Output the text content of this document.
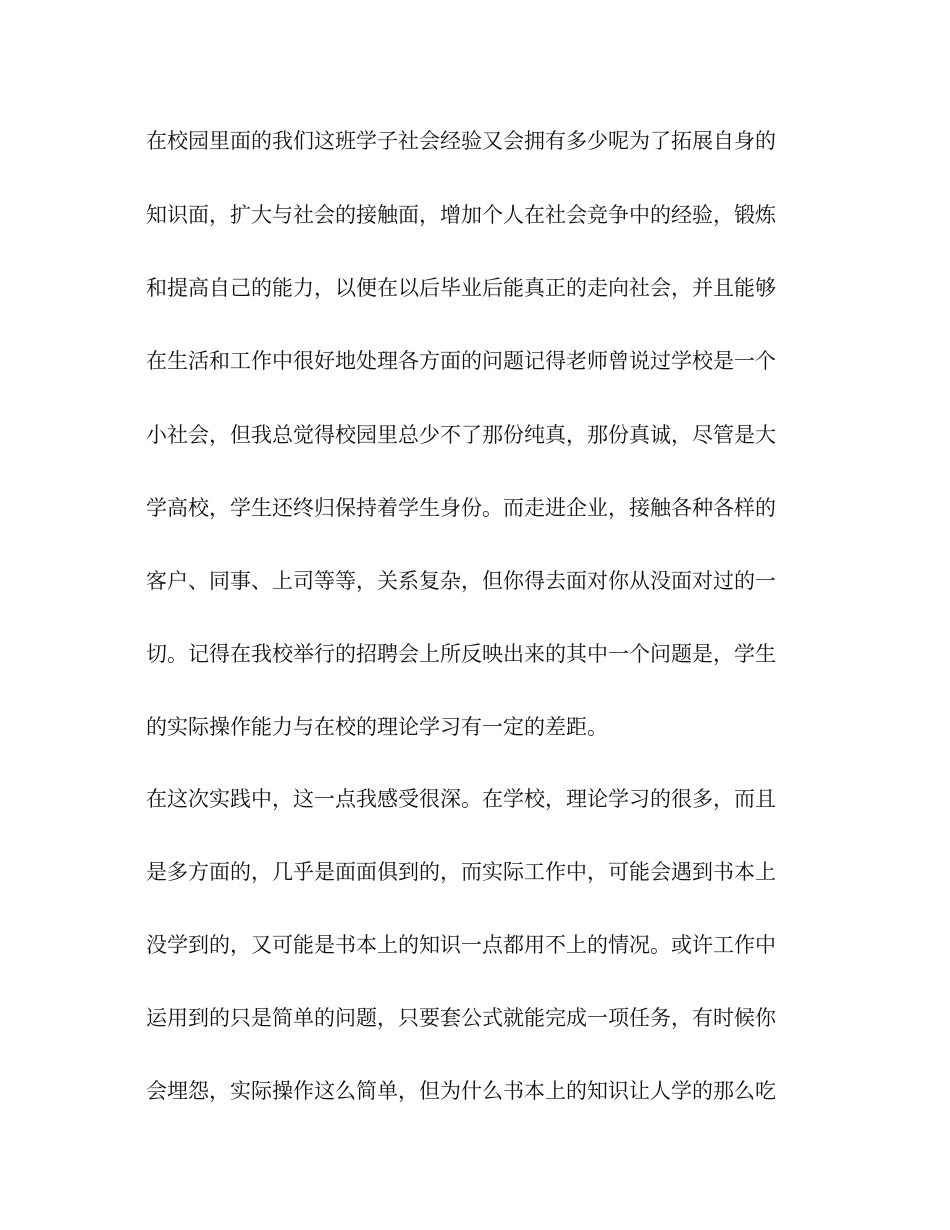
在校园里面的我们这班学子社会经验又会拥有多少呢为了拓展自身的
知识面，扩大与社会的接触面，增加个人在社会竞争中的经验，锻炼
和提高自己的能力，以便在以后毕业后能真正的走向社会，并且能够
在生活和工作中很好地处理各方面的问题记得老师曾说过学校是一个
小社会，但我总觉得校园里总少不了那份纯真，那份真诚，尽管是大
学高校，学生还终归保持着学生身份。而走进企业，接触各种各样的
客户、同事、上司等等，关系复杂，但你得去面对你从没面对过的一
切。记得在我校举行的招聘会上所反映出来的其中一个问题是，学生
的实际操作能力与在校的理论学习有一定的差距。
在这次实践中，这一点我感受很深。在学校，理论学习的很多，而且
是多方面的，几乎是面面俱到的，而实际工作中，可能会遇到书本上
没学到的，又可能是书本上的知识一点都用不上的情况。或许工作中
运用到的只是简单的问题，只要套公式就能完成一项任务，有时候你
会埋怨，实际操作这么简单，但为什么书本上的知识让人学的那么吃
